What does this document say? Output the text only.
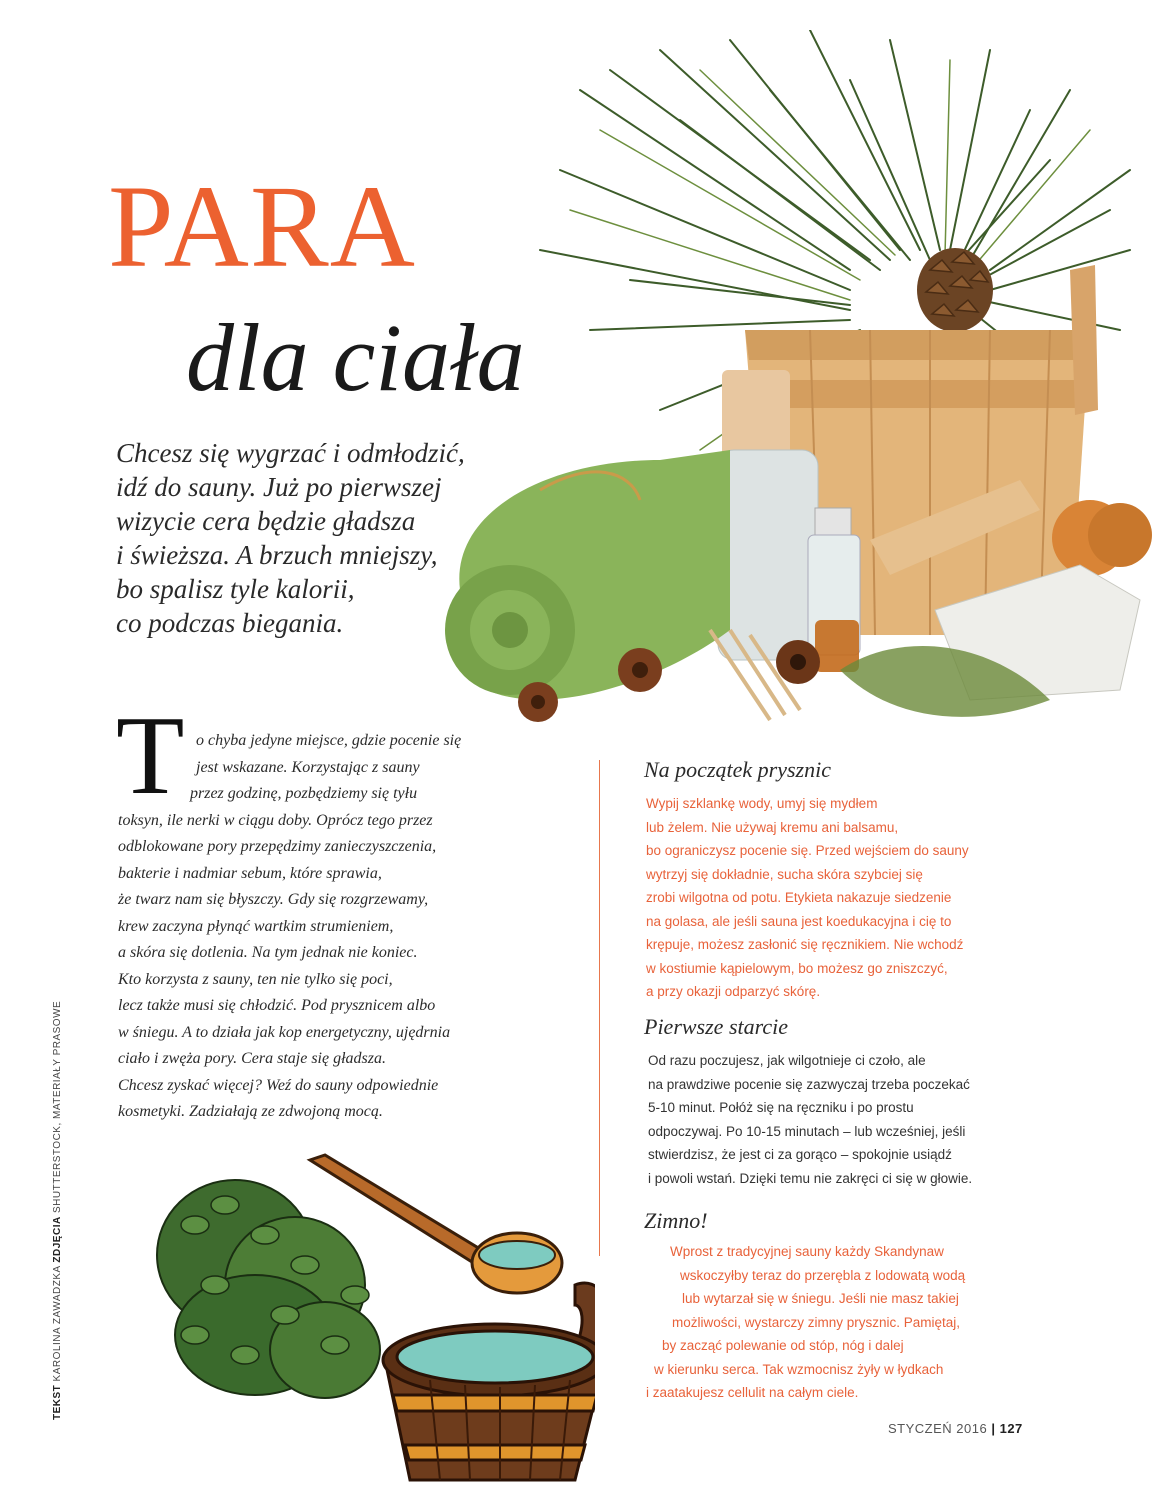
PARA
dla ciała
Chcesz się wygrzać i odmłodzić,
idź do sauny. Już po pierwszej
wizycie cera będzie gładsza
i świeższa. A brzuch mniejszy,
bo spalisz tyle kalorii,
co podczas biegania.
T o chyba jedyne miejsce, gdzie pocenie się
jest wskazane. Korzystając z sauny
przez godzinę, pozbędziemy się tyłu
toksyn, ile nerki w ciągu doby. Oprócz tego przez
odblokowane pory przepędzimy zanieczyszczenia,
bakterie i nadmiar sebum, które sprawia,
że twarz nam się błyszczy. Gdy się rozgrzewamy,
krew zaczyna płynąć wartkim strumieniem,
a skóra się dotlenia. Na tym jednak nie koniec.
Kto korzysta z sauny, ten nie tylko się poci,
lecz także musi się chłodzić. Pod prysznicem albo
w śniegu. A to działa jak kop energetyczny, ujędrnia
ciało i zwęża pory. Cera staje się gładsza.
Chcesz zyskać więcej? Weź do sauny odpowiednie
kosmetyki. Zadziałają ze zdwojoną mocą.
Na początek prysznic
Wypij szklankę wody, umyj się mydłem
lub żelem. Nie używaj kremu ani balsamu,
bo ograniczysz pocenie się. Przed wejściem do sauny
wytrzyj się dokładnie, sucha skóra szybciej się
zrobi wilgotna od potu. Etykieta nakazuje siedzenie
na golasa, ale jeśli sauna jest koedukacyjna i cię to
krępuje, możesz zasłonić się ręcznikiem. Nie wchodź
w kostiumie kąpielowym, bo możesz go zniszczyć,
a przy okazji odparzyć skórę.
Pierwsze starcie
Od razu poczujesz, jak wilgotnieje ci czoło, ale
na prawdziwe pocenie się zazwyczaj trzeba poczekać
5-10 minut. Połóż się na ręczniku i po prostu
odpoczywaj. Po 10-15 minutach – lub wcześniej, jeśli
stwierdzisz, że jest ci za gorąco – spokojnie usiądź
i powoli wstań. Dzięki temu nie zakręci ci się w głowie.
Zimno!
Wprost z tradycyjnej sauny każdy Skandynaw
wskoczyłby teraz do przerębla z lodowatą wodą
lub wytarzał się w śniegu. Jeśli nie masz takiej
możliwości, wystarczy zimny prysznic. Pamiętaj,
by zacząć polewanie od stóp, nóg i dalej
w kierunku serca. Tak wzmocnisz żyły w łydkach
i zaatakujesz cellulit na całym ciele.
TEKST KAROLINA ZAWADZKA ZDJĘCIA SHUTTERSTOCK, MATERIAŁY PRASOWE
STYCZEŃ 2016 | 127
